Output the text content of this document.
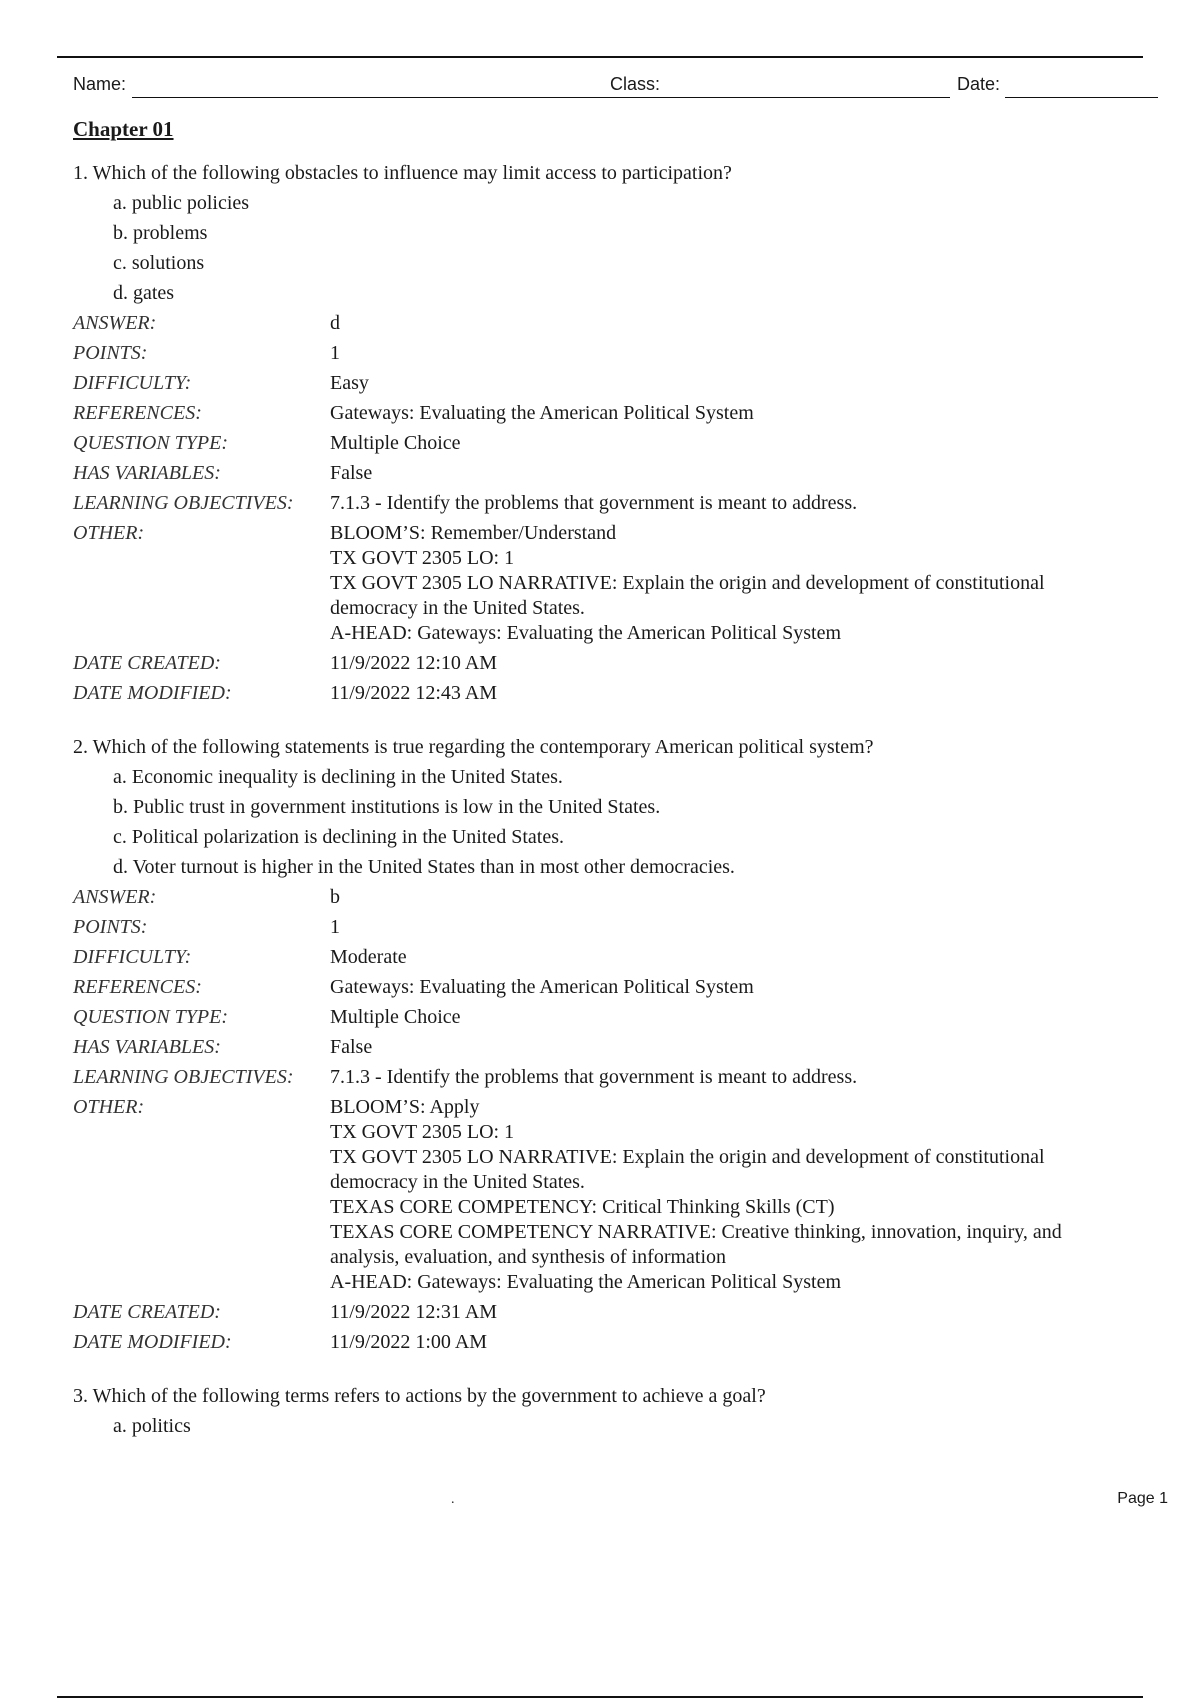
Name:	Class:	Date:
Chapter 01
1. Which of the following obstacles to influence may limit access to participation?
a. public policies
b. problems
c. solutions
d. gates
ANSWER:	d
POINTS:	1
DIFFICULTY:	Easy
REFERENCES:	Gateways: Evaluating the American Political System
QUESTION TYPE:	Multiple Choice
HAS VARIABLES:	False
LEARNING OBJECTIVES:	7.1.3 - Identify the problems that government is meant to address.
OTHER:	BLOOM’S: Remember/Understand
TX GOVT 2305 LO: 1
TX GOVT 2305 LO NARRATIVE: Explain the origin and development of constitutional
democracy in the United States.
A-HEAD: Gateways: Evaluating the American Political System
DATE CREATED:	11/9/2022 12:10 AM
DATE MODIFIED:	11/9/2022 12:43 AM
2. Which of the following statements is true regarding the contemporary American political system?
a. Economic inequality is declining in the United States.
b. Public trust in government institutions is low in the United States.
c. Political polarization is declining in the United States.
d. Voter turnout is higher in the United States than in most other democracies.
ANSWER:	b
POINTS:	1
DIFFICULTY:	Moderate
REFERENCES:	Gateways: Evaluating the American Political System
QUESTION TYPE:	Multiple Choice
HAS VARIABLES:	False
LEARNING OBJECTIVES:	7.1.3 - Identify the problems that government is meant to address.
OTHER:	BLOOM’S: Apply
TX GOVT 2305 LO: 1
TX GOVT 2305 LO NARRATIVE: Explain the origin and development of constitutional
democracy in the United States.
TEXAS CORE COMPETENCY: Critical Thinking Skills (CT)
TEXAS CORE COMPETENCY NARRATIVE: Creative thinking, innovation, inquiry, and
analysis, evaluation, and synthesis of information
A-HEAD: Gateways: Evaluating the American Political System
DATE CREATED:	11/9/2022 12:31 AM
DATE MODIFIED:	11/9/2022 1:00 AM
3. Which of the following terms refers to actions by the government to achieve a goal?
a. politics
.	Page 1
